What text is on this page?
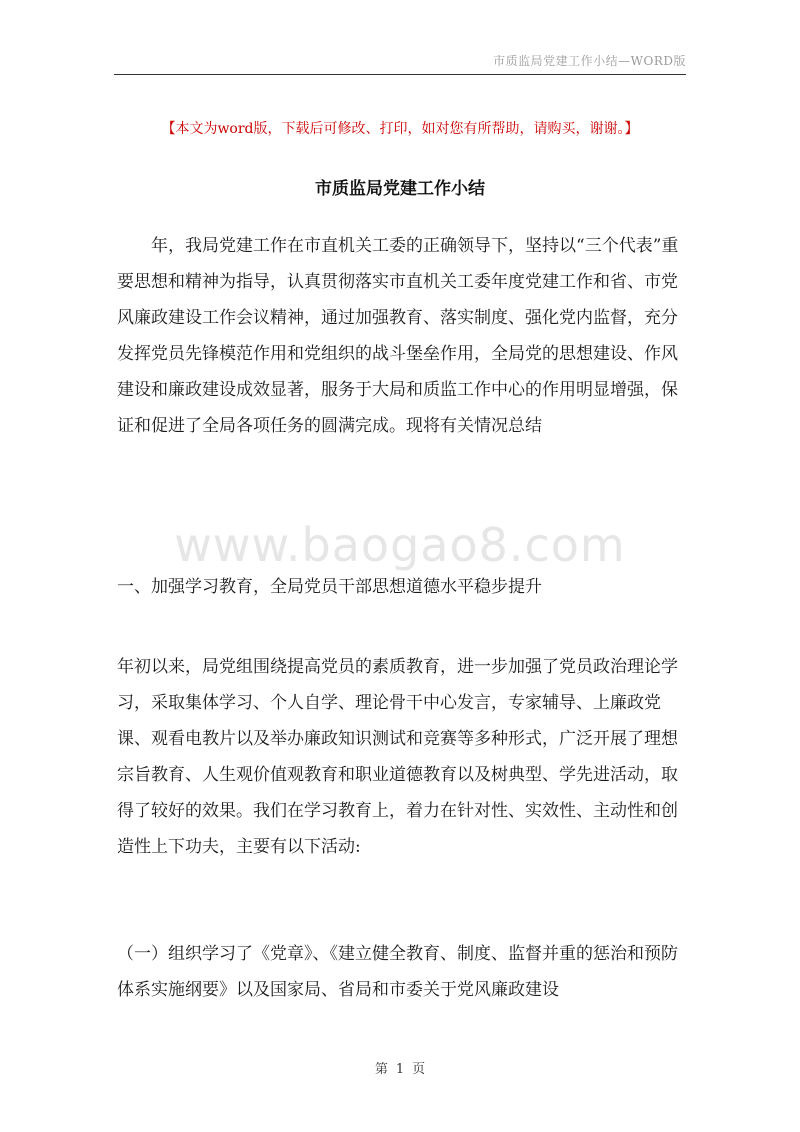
市质监局党建工作小结—WORD版
【本文为word版，下载后可修改、打印，如对您有所帮助，请购买，谢谢。】
市质监局党建工作小结
www.baogao8.com

年，我局党建工作在市直机关工委的正确领导下，坚持以“三个代表”重要思想和精神为指导，认真贯彻落实市直机关工委年度党建工作和省、市党风廉政建设工作会议精神，通过加强教育、落实制度、强化党内监督，充分发挥党员先锋模范作用和党组织的战斗堡垒作用，全局党的思想建设、作风建设和廉政建设成效显著，服务于大局和质监工作中心的作用明显增强，保证和促进了全局各项任务的圆满完成。现将有关情况总结

一、加强学习教育，全局党员干部思想道德水平稳步提升

年初以来，局党组围绕提高党员的素质教育，进一步加强了党员政治理论学习，采取集体学习、个人自学、理论骨干中心发言，专家辅导、上廉政党课、观看电教片以及举办廉政知识测试和竞赛等多种形式，广泛开展了理想宗旨教育、人生观价值观教育和职业道德教育以及树典型、学先进活动，取得了较好的效果。我们在学习教育上，着力在针对性、实效性、主动性和创造性上下功夫，主要有以下活动:

（一）组织学习了《党章》、《建立健全教育、制度、监督并重的惩治和预防体系实施纲要》以及国家局、省局和市委关于党风廉政建设

第 1 页
